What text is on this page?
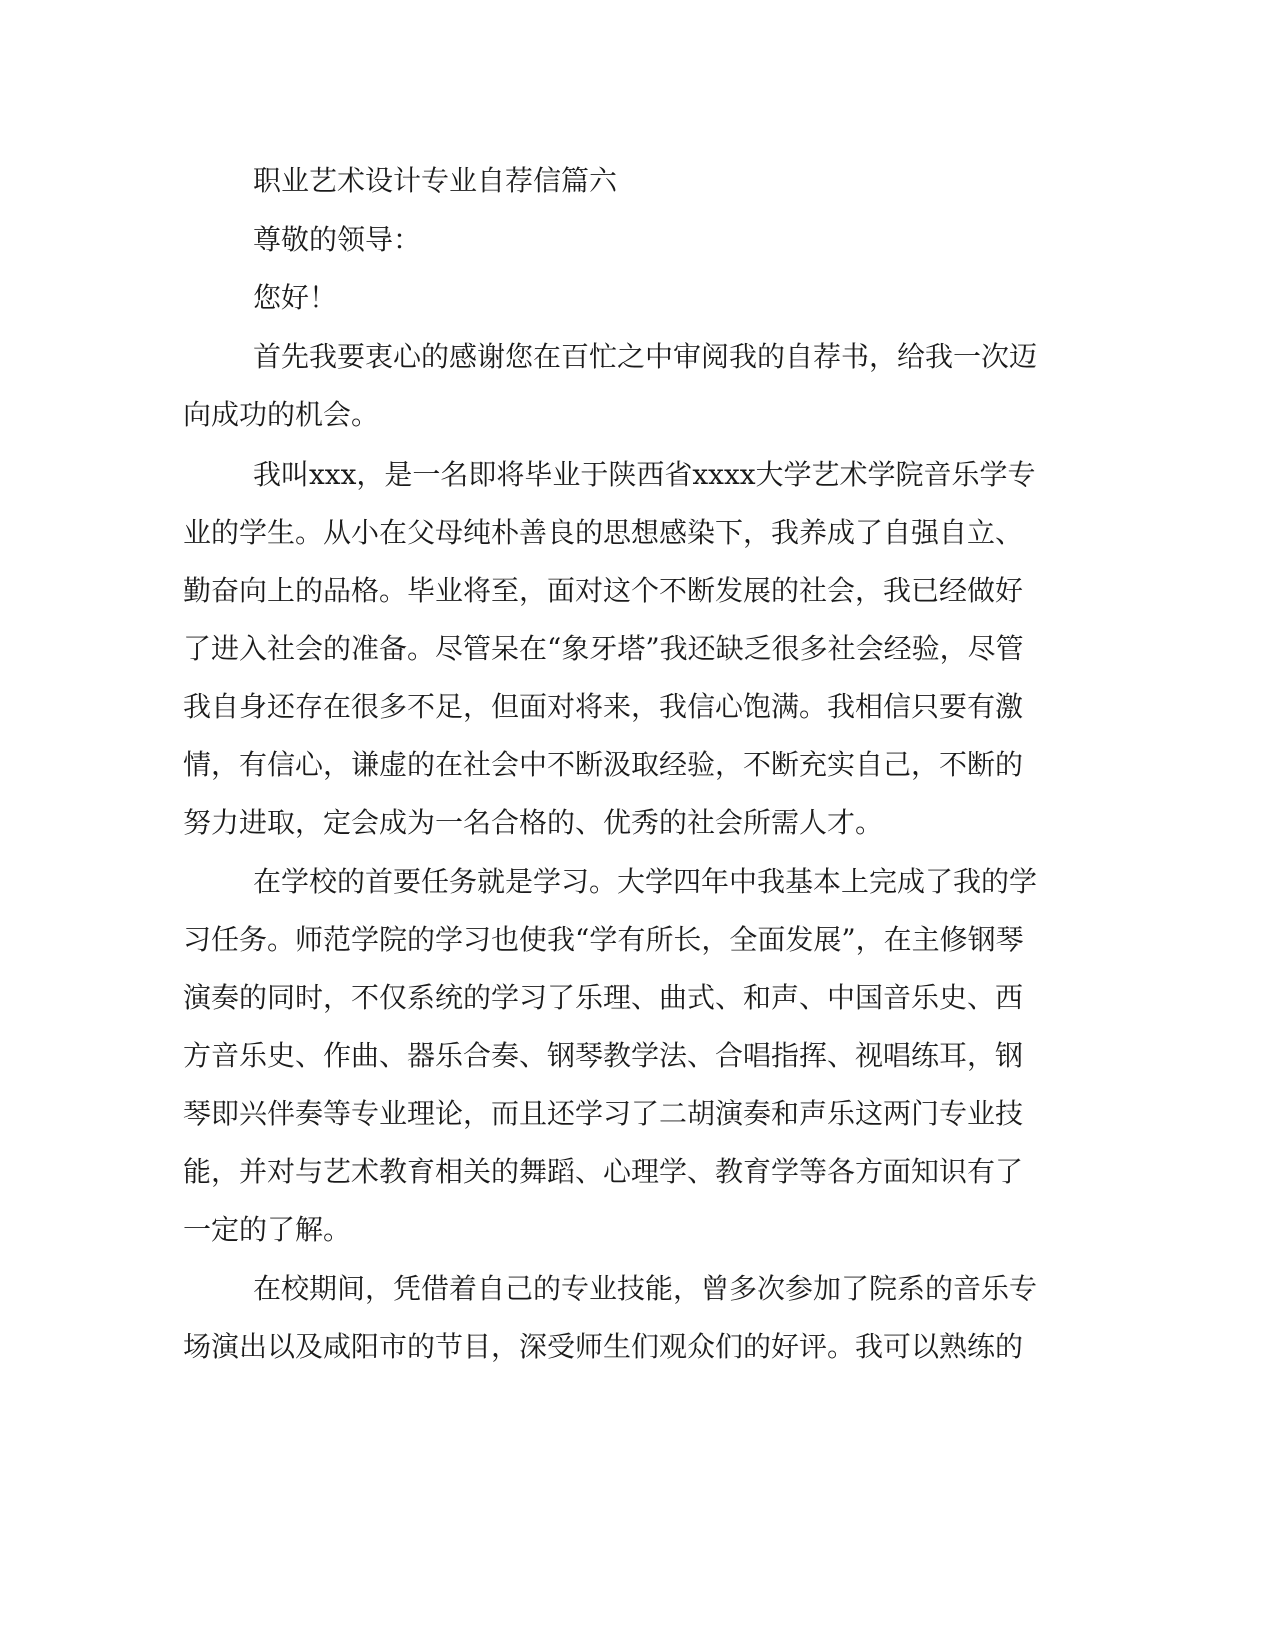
职业艺术设计专业自荐信篇六
尊敬的领导：
您好！
首先我要衷心的感谢您在百忙之中审阅我的自荐书，给我一次迈
向成功的机会。
我叫xxx，是一名即将毕业于陕西省xxxx大学艺术学院音乐学专
业的学生。从小在父母纯朴善良的思想感染下，我养成了自强自立、
勤奋向上的品格。毕业将至，面对这个不断发展的社会，我已经做好
了进入社会的准备。尽管呆在“象牙塔”我还缺乏很多社会经验，尽管
我自身还存在很多不足，但面对将来，我信心饱满。我相信只要有激
情，有信心，谦虚的在社会中不断汲取经验，不断充实自己，不断的
努力进取，定会成为一名合格的、优秀的社会所需人才。
在学校的首要任务就是学习。大学四年中我基本上完成了我的学
习任务。师范学院的学习也使我“学有所长，全面发展”，在主修钢琴
演奏的同时，不仅系统的学习了乐理、曲式、和声、中国音乐史、西
方音乐史、作曲、器乐合奏、钢琴教学法、合唱指挥、视唱练耳，钢
琴即兴伴奏等专业理论，而且还学习了二胡演奏和声乐这两门专业技
能，并对与艺术教育相关的舞蹈、心理学、教育学等各方面知识有了
一定的了解。
在校期间，凭借着自己的专业技能，曾多次参加了院系的音乐专
场演出以及咸阳市的节目，深受师生们观众们的好评。我可以熟练的
